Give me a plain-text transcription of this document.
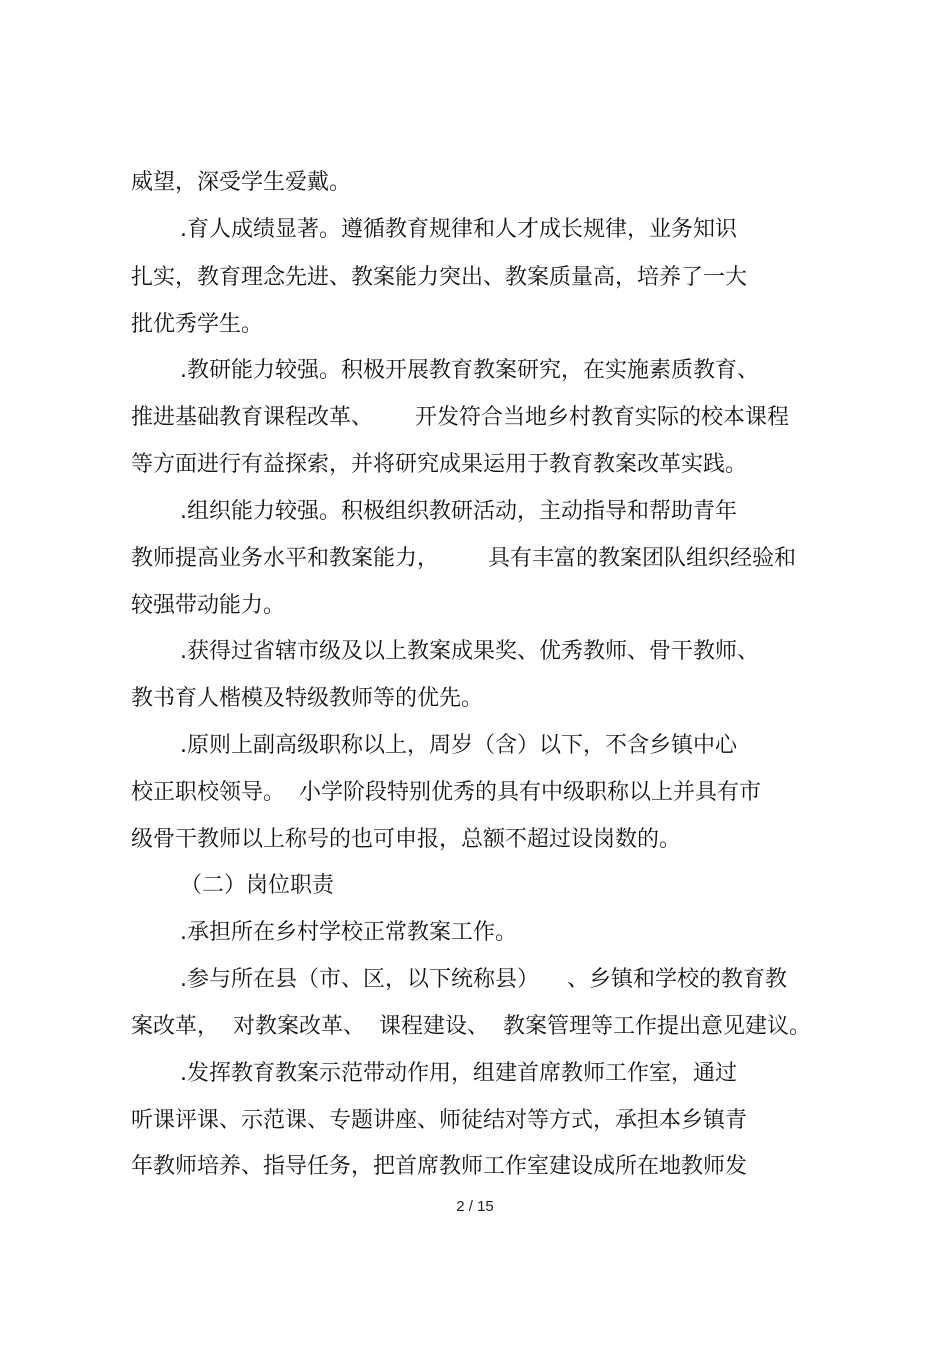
威望，深受学生爱戴。
.育人成绩显著。遵循教育规律和人才成长规律，业务知识
扎实，教育理念先进、教案能力突出、教案质量高，培养了一大
批优秀学生。
.教研能力较强。积极开展教育教案研究，在实施素质教育、
推进基础教育课程改革、      开发符合当地乡村教育实际的校本课程
等方面进行有益探索，并将研究成果运用于教育教案改革实践。
.组织能力较强。积极组织教研活动，主动指导和帮助青年
教师提高业务水平和教案能力，       具有丰富的教案团队组织经验和
较强带动能力。
.获得过省辖市级及以上教案成果奖、优秀教师、骨干教师、
教书育人楷模及特级教师等的优先。
.原则上副高级职称以上，周岁（含）以下，不含乡镇中心
校正职校领导。  小学阶段特别优秀的具有中级职称以上并具有市
级骨干教师以上称号的也可申报，总额不超过设岗数的。
（二）岗位职责
.承担所在乡村学校正常教案工作。
.参与所在县（市、区，以下统称县）    、乡镇和学校的教育教
案改革，  对教案改革、  课程建设、  教案管理等工作提出意见建议。
.发挥教育教案示范带动作用，组建首席教师工作室，通过
听课评课、示范课、专题讲座、师徒结对等方式，承担本乡镇青
年教师培养、指导任务，把首席教师工作室建设成所在地教师发
2 / 15
